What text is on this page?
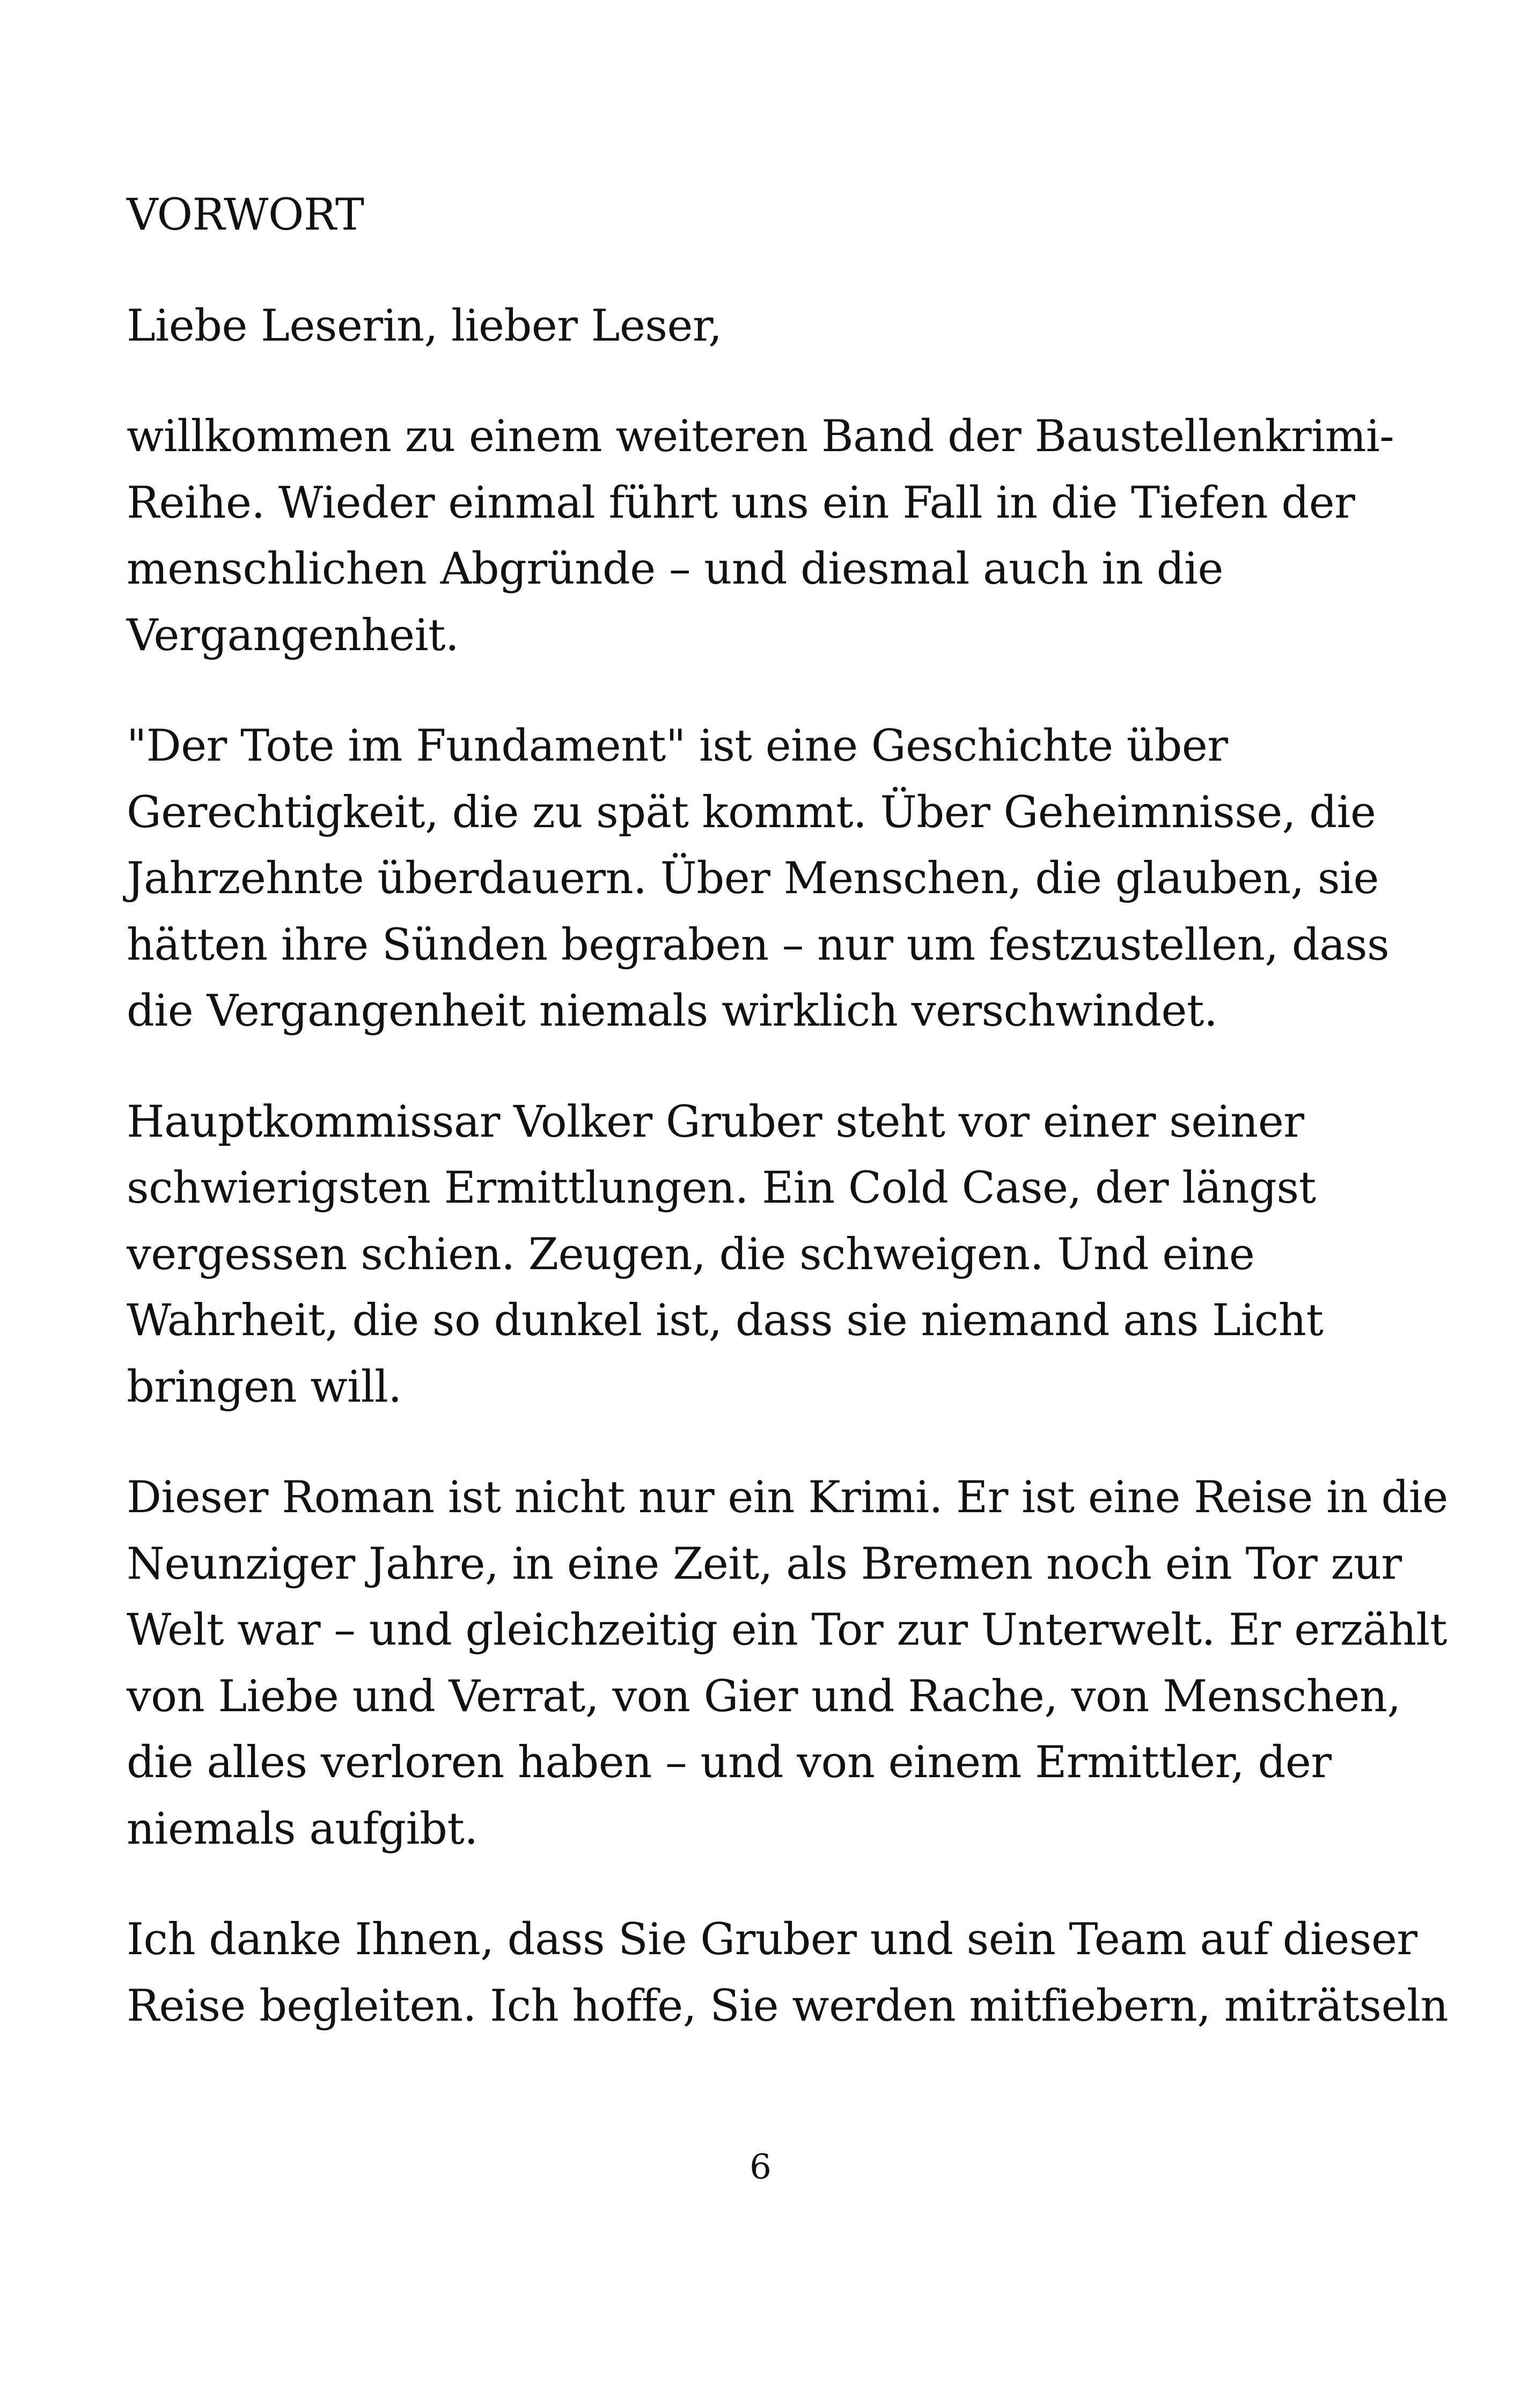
VORWORT

Liebe Leserin, lieber Leser,

willkommen zu einem weiteren Band der Baustellenkrimi-
Reihe. Wieder einmal führt uns ein Fall in die Tiefen der
menschlichen Abgründe – und diesmal auch in die
Vergangenheit.

"Der Tote im Fundament" ist eine Geschichte über
Gerechtigkeit, die zu spät kommt. Über Geheimnisse, die
Jahrzehnte überdauern. Über Menschen, die glauben, sie
hätten ihre Sünden begraben – nur um festzustellen, dass
die Vergangenheit niemals wirklich verschwindet.

Hauptkommissar Volker Gruber steht vor einer seiner
schwierigsten Ermittlungen. Ein Cold Case, der längst
vergessen schien. Zeugen, die schweigen. Und eine
Wahrheit, die so dunkel ist, dass sie niemand ans Licht
bringen will.

Dieser Roman ist nicht nur ein Krimi. Er ist eine Reise in die
Neunziger Jahre, in eine Zeit, als Bremen noch ein Tor zur
Welt war – und gleichzeitig ein Tor zur Unterwelt. Er erzählt
von Liebe und Verrat, von Gier und Rache, von Menschen,
die alles verloren haben – und von einem Ermittler, der
niemals aufgibt.

Ich danke Ihnen, dass Sie Gruber und sein Team auf dieser
Reise begleiten. Ich hoffe, Sie werden mitfiebern, miträtseln

6
